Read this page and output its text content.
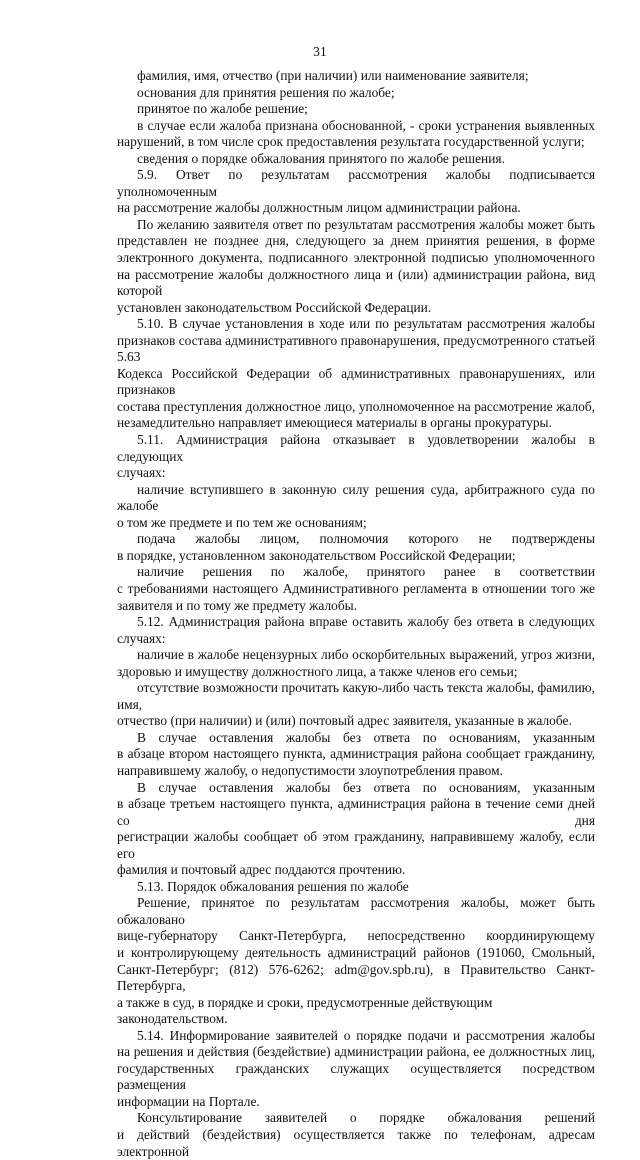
31
фамилия, имя, отчество (при наличии) или наименование заявителя;
основания для принятия решения по жалобе;
принятое по жалобе решение;
в случае если жалоба признана обоснованной, - сроки устранения выявленных
нарушений, в том числе срок предоставления результата государственной услуги;
сведения о порядке обжалования принятого по жалобе решения.
5.9. Ответ по результатам рассмотрения жалобы подписывается уполномоченным
на рассмотрение жалобы должностным лицом администрации района.
По желанию заявителя ответ по результатам рассмотрения жалобы может быть
представлен не позднее дня, следующего за днем принятия решения, в форме
электронного документа, подписанного электронной подписью уполномоченного
на рассмотрение жалобы должностного лица и (или) администрации района, вид которой
установлен законодательством Российской Федерации.
5.10. В случае установления в ходе или по результатам рассмотрения жалобы
признаков состава административного правонарушения, предусмотренного статьей 5.63
Кодекса Российской Федерации об административных правонарушениях, или признаков
состава преступления должностное лицо, уполномоченное на рассмотрение жалоб,
незамедлительно направляет имеющиеся материалы в органы прокуратуры.
5.11. Администрация района отказывает в удовлетворении жалобы в следующих
случаях:
наличие вступившего в законную силу решения суда, арбитражного суда по жалобе
о том же предмете и по тем же основаниям;
подача жалобы лицом, полномочия которого не подтверждены
в порядке, установленном законодательством Российской Федерации;
наличие решения по жалобе, принятого ранее в соответствии
с требованиями настоящего Административного регламента в отношении того же
заявителя и по тому же предмету жалобы.
5.12. Администрация района вправе оставить жалобу без ответа в следующих
случаях:
наличие в жалобе нецензурных либо оскорбительных выражений, угроз жизни,
здоровью и имуществу должностного лица, а также членов его семьи;
отсутствие возможности прочитать какую-либо часть текста жалобы, фамилию, имя,
отчество (при наличии) и (или) почтовый адрес заявителя, указанные в жалобе.
В случае оставления жалобы без ответа по основаниям, указанным
в абзаце втором настоящего пункта, администрация района сообщает гражданину,
направившему жалобу, о недопустимости злоупотребления правом.
В случае оставления жалобы без ответа по основаниям, указанным
в абзаце третьем настоящего пункта, администрация района в течение семи дней со дня
регистрации жалобы сообщает об этом гражданину, направившему жалобу, если его
фамилия и почтовый адрес поддаются прочтению.
5.13. Порядок обжалования решения по жалобе
Решение, принятое по результатам рассмотрения жалобы, может быть обжаловано
вице-губернатору Санкт-Петербурга, непосредственно координирующему
и контролирующему деятельность администраций районов (191060, Смольный,
Санкт-Петербург; (812) 576-6262; adm@gov.spb.ru), в Правительство Санкт-Петербурга,
а также в суд, в порядке и сроки, предусмотренные действующим законодательством.
5.14. Информирование заявителей о порядке подачи и рассмотрения жалобы
на решения и действия (бездействие) администрации района, ее должностных лиц,
государственных гражданских служащих осуществляется посредством размещения
информации на Портале.
Консультирование заявителей о порядке обжалования решений
и действий (бездействия) осуществляется также по телефонам, адресам электронной
